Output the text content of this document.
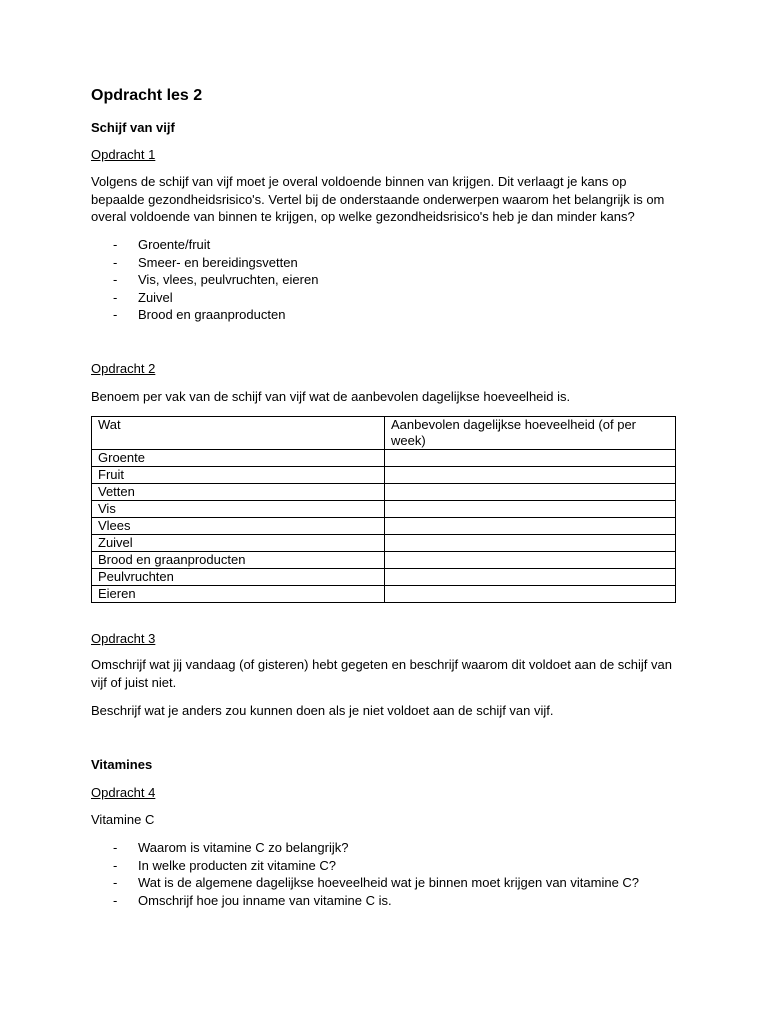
Opdracht les 2
Schijf van vijf
Opdracht 1

Volgens de schijf van vijf moet je overal voldoende binnen van krijgen. Dit verlaagt je kans op bepaalde gezondheidsrisico's. Vertel bij de onderstaande onderwerpen waarom het belangrijk is om overal voldoende van binnen te krijgen, op welke gezondheidsrisico's heb je dan minder kans?

- Groente/fruit
- Smeer- en bereidingsvetten
- Vis, vlees, peulvruchten, eieren
- Zuivel
- Brood en graanproducten
Opdracht 2

Benoem per vak van de schijf van vijf wat de aanbevolen dagelijkse hoeveelheid is.

Wat	Aanbevolen dagelijkse hoeveelheid (of per week)
Groente	
Fruit	
Vetten	
Vis	
Vlees	
Zuivel	
Brood en graanproducten	
Peulvruchten	
Eieren	
Opdracht 3

Omschrijf wat jij vandaag (of gisteren) hebt gegeten en beschrijf waarom dit voldoet aan de schijf van vijf of juist niet.

Beschrijf wat je anders zou kunnen doen als je niet voldoet aan de schijf van vijf.

Vitamines
Opdracht 4
Vitamine C
- Waarom is vitamine C zo belangrijk?
- In welke producten zit vitamine C?
- Wat is de algemene dagelijkse hoeveelheid wat je binnen moet krijgen van vitamine C?
- Omschrijf hoe jou inname van vitamine C is.
